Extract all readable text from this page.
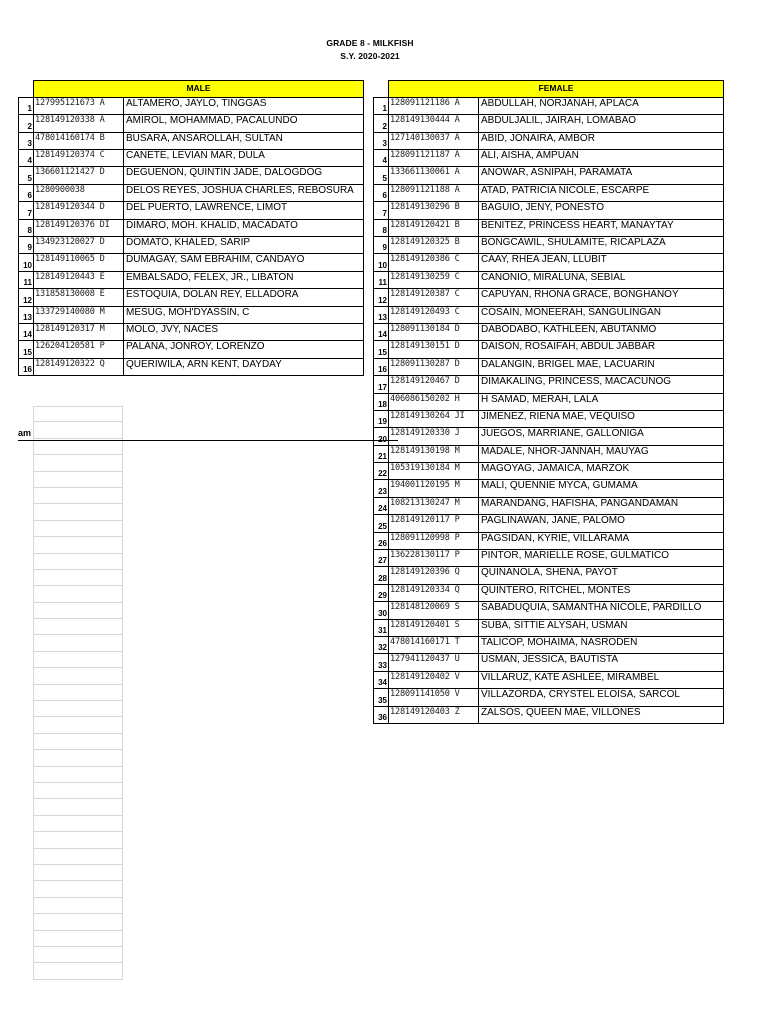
GRADE 8 - MILKFISH
S.Y. 2020-2021
	MALE	
1	127995121673 A	ALTAMERO, JAYLO, TINGGAS
2	128149120338 A	AMIROL, MOHAMMAD, PACALUNDO
3	478014160174 B	BUSARA, ANSAROLLAH, SULTAN
4	128149120374 C	CANETE, LEVIAN MAR, DULA
5	136601121427 D	DEGUENON, QUINTIN JADE, DALOGDOG
6	1280900038	DELOS REYES, JOSHUA CHARLES, REBOSURA
7	128149120344 D	DEL PUERTO, LAWRENCE, LIMOT
8	128149120376 DI	DIMARO, MOH. KHALID, MACADATO
9	134923120027 D	DOMATO, KHALED, SARIP
10	128149110065 D	DUMAGAY, SAM EBRAHIM, CANDAYO
11	128149120443 E	EMBALSADO, FELEX, JR., LIBATON
12	131858130008 E	ESTOQUIA, DOLAN REY, ELLADORA
13	133729140080 M	MESUG, MOH'DYASSIN, C
14	128149120317 M	MOLO, JVY, NACES
15	126204120581 P	PALANA, JONROY, LORENZO
16	128149120322 Q	QUERIWILA, ARN KENT, DAYDAY
	FEMALE	
1	128091121186 A	ABDULLAH, NORJANAH, APLACA
2	128149130444 A	ABDULJALIL, JAIRAH, LOMABAO
3	127140130037 A	ABID, JONAIRA, AMBOR
4	128091121187 A	ALI, AISHA, AMPUAN
5	133661130061 A	ANOWAR, ASNIPAH, PARAMATA
6	128091121188 A	ATAD, PATRICIA NICOLE, ESCARPE
7	128149130296 B	BAGUIO, JENY, PONESTO
8	128149120421 B	BENITEZ, PRINCESS HEART, MANAYTAY
9	128149120325 B	BONGCAWIL, SHULAMITE, RICAPLAZA
10	128149120386 C	CAAY, RHEA JEAN, LLUBIT
11	128149130259 C	CANONIO, MIRALUNA, SEBIAL
12	128149120387 C	CAPUYAN, RHONA GRACE, BONGHANOY
13	128149120493 C	COSAIN, MONEERAH, SANGULINGAN
14	128091130184 D	DABODABO, KATHLEEN, ABUTANMO
15	128149130151 D	DAISON, ROSAIFAH, ABDUL JABBAR
16	128091130287 D	DALANGIN, BRIGEL MAE, LACUARIN
17	128149120467 D	DIMAKALING, PRINCESS, MACACUNOG
18	406086150202 H	H SAMAD, MERAH, LALA
19	128149130264 JI	JIMENEZ, RIENA MAE, VEQUISO
20	128149120330 J	JUEGOS, MARRIANE, GALLONIGA
21	128149130198 M	MADALE, NHOR-JANNAH, MAUYAG
22	105319130184 M	MAGOYAG, JAMAICA, MARZOK
23	194001120195 M	MALI, QUENNIE MYCA, GUMAMA
24	108213130247 M	MARANDANG, HAFISHA, PANGANDAMAN
25	128149120117 P	PAGLINAWAN, JANE, PALOMO
26	128091120998 P	PAGSIDAN, KYRIE, VILLARAMA
27	136228130117 P	PINTOR, MARIELLE ROSE, GULMATICO
28	128149120396 Q	QUIÑANOLA, SHENA, PAYOT
29	128149120334 Q	QUINTERO, RITCHEL, MONTES
30	128148120069 S	SABADUQUIA, SAMANTHA NICOLE, PARDILLO
31	128149120401 S	SUBA, SITTIE ALYSAH, USMAN
32	478014160171 T	TALICOP, MOHAIMA, NASRODEN
33	127941120437 U	USMAN, JESSICA, BAUTISTA
34	128149120402 V	VILLARUZ, KATE ASHLEE, MIRAMBEL
35	128091141050 V	VILLAZORDA, CRYSTEL ELOISA, SARCOL
36	128149120403 Z	ZALSOS, QUEEN MAE, VILLONES
am
